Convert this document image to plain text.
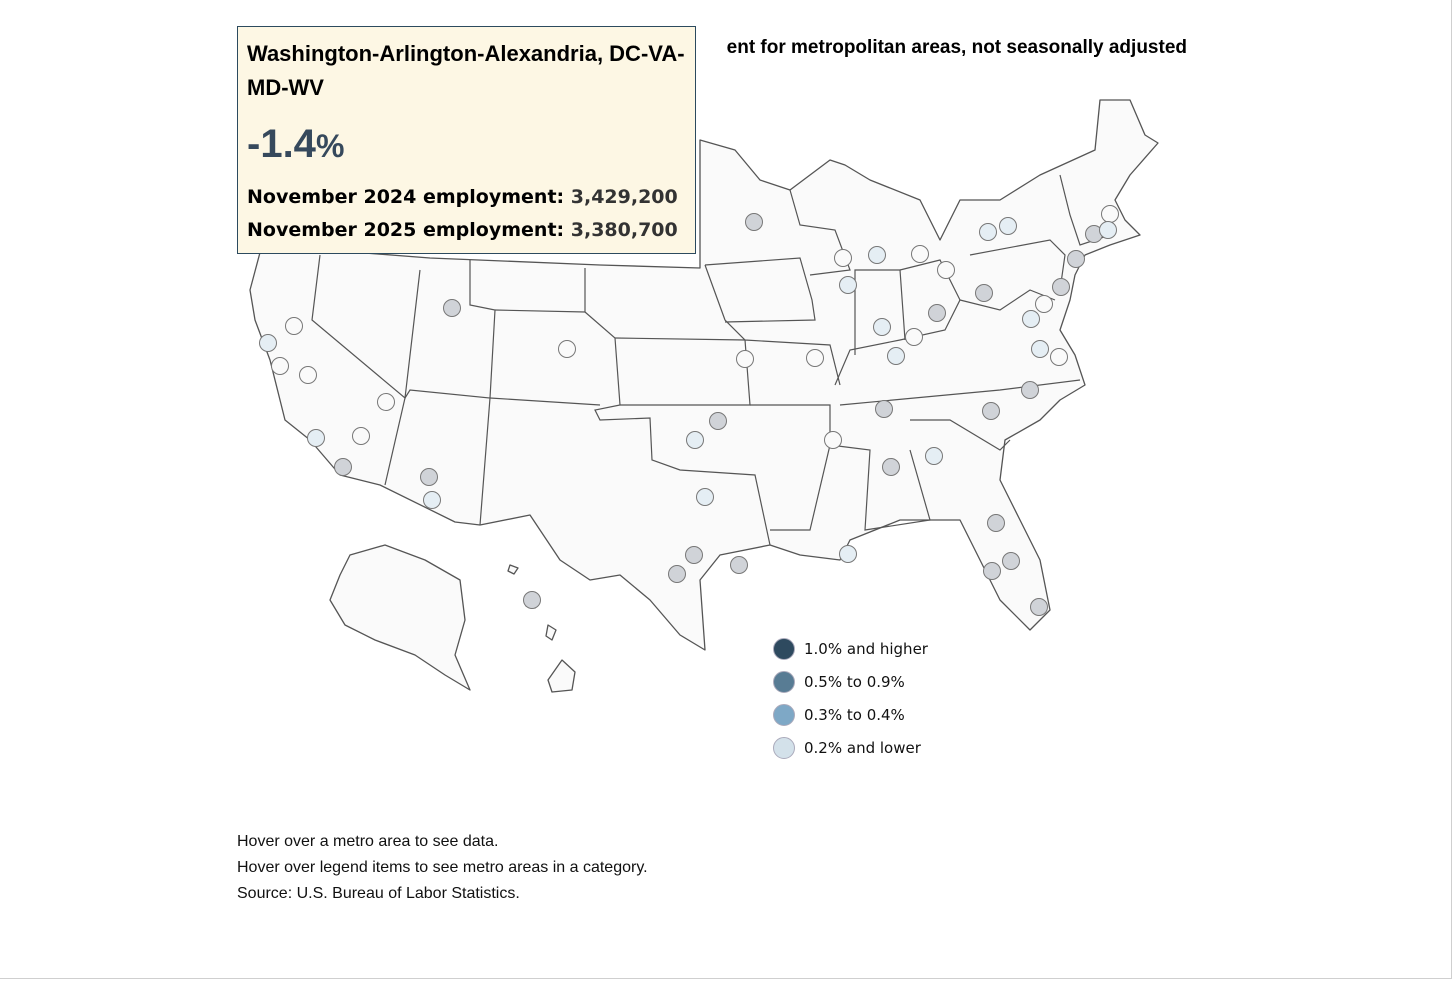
ent for metropolitan areas, not seasonally adjusted
1.0% and higher
0.5% to 0.9%
0.3% to 0.4%
0.2% and lower
Washington-Arlington-Alexandria, DC-VA-MD-WV
-1.4%
November 2024 employment: 3,429,200
November 2025 employment: 3,380,700
Hover over a metro area to see data.
Hover over legend items to see metro areas in a category.
Source: U.S. Bureau of Labor Statistics.
